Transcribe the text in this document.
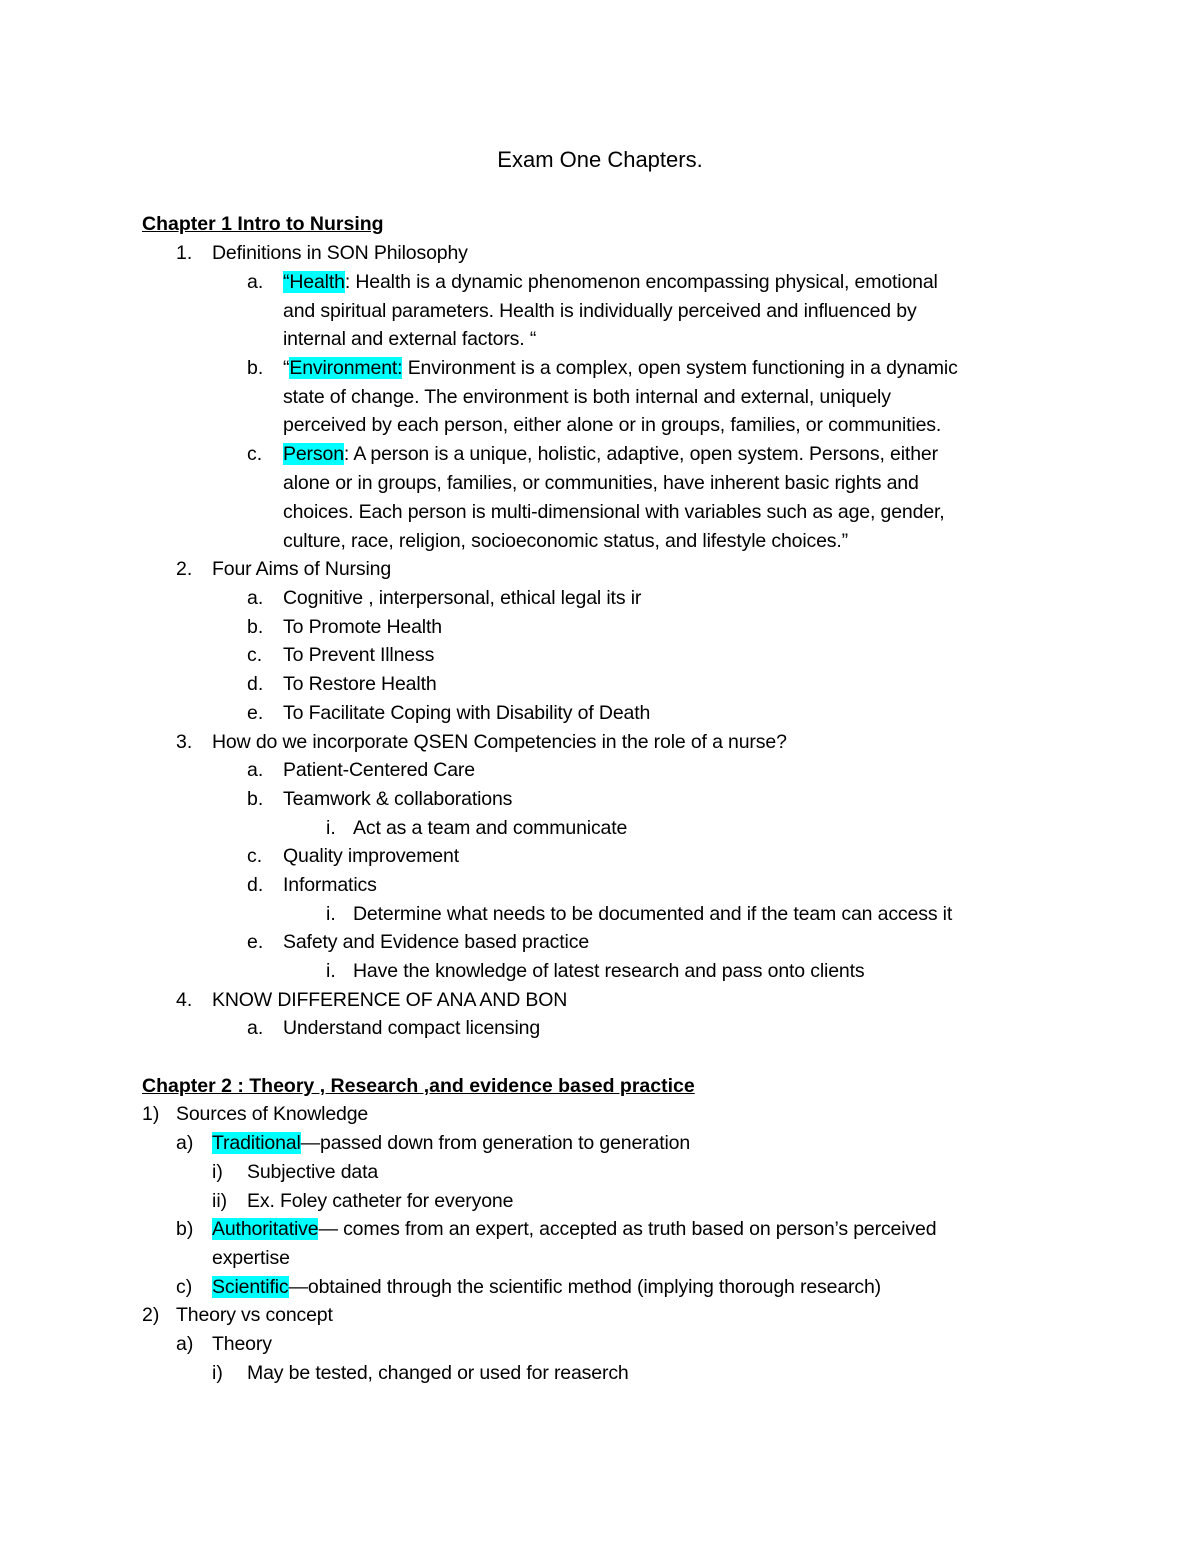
Exam One Chapters.
Chapter 1 Intro to Nursing
1. Definitions in SON Philosophy
a. “Health: Health is a dynamic phenomenon encompassing physical, emotional
and spiritual parameters. Health is individually perceived and influenced by
internal and external factors. “
b. “Environment: Environment is a complex, open system functioning in a dynamic
state of change. The environment is both internal and external, uniquely
perceived by each person, either alone or in groups, families, or communities.
c. Person: A person is a unique, holistic, adaptive, open system. Persons, either
alone or in groups, families, or communities, have inherent basic rights and
choices. Each person is multi-dimensional with variables such as age, gender,
culture, race, religion, socioeconomic status, and lifestyle choices.”
2. Four Aims of Nursing
a. Cognitive , interpersonal, ethical legal its ir
b. To Promote Health
c. To Prevent Illness
d. To Restore Health
e. To Facilitate Coping with Disability of Death
3. How do we incorporate QSEN Competencies in the role of a nurse?
a. Patient-Centered Care
b. Teamwork & collaborations
i. Act as a team and communicate
c. Quality improvement
d. Informatics
i. Determine what needs to be documented and if the team can access it
e. Safety and Evidence based practice
i. Have the knowledge of latest research and pass onto clients
4. KNOW DIFFERENCE OF ANA AND BON
a. Understand compact licensing
Chapter 2 : Theory , Research ,and evidence based practice
1) Sources of Knowledge
a) Traditional—passed down from generation to generation
i) Subjective data
ii) Ex. Foley catheter for everyone
b) Authoritative— comes from an expert, accepted as truth based on person’s perceived
expertise
c) Scientific—obtained through the scientific method (implying thorough research)
2) Theory vs concept
a) Theory
i) May be tested, changed or used for reaserch
